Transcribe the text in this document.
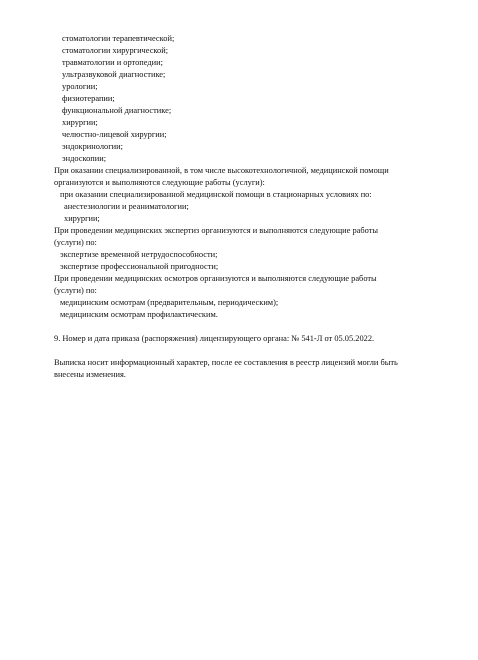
стоматологии терапевтической;
стоматологии хирургической;
травматологии и ортопедии;
ультразвуковой диагностике;
урологии;
физиотерапии;
функциональной диагностике;
хирургии;
челюстно-лицевой хирургии;
эндокринологии;
эндоскопии;
При оказании специализированной, в том числе высокотехнологичной, медицинской помощи
организуются и выполняются следующие работы (услуги):
при оказании специализированной медицинской помощи в стационарных условиях по:
анестезиологии и реаниматологии;
хирургии;
При проведении медицинских экспертиз организуются и выполняются следующие работы
(услуги) по:
экспертизе временной нетрудоспособности;
экспертизе профессиональной пригодности;
При проведении медицинских осмотров организуются и выполняются следующие работы
(услуги) по:
медицинским осмотрам (предварительным, периодическим);
медицинским осмотрам профилактическим.
9. Номер и дата приказа (распоряжения) лицензирующего органа: № 541-Л от 05.05.2022.
Выписка носит информационный характер, после ее составления в реестр лицензий могли быть
внесены изменения.
